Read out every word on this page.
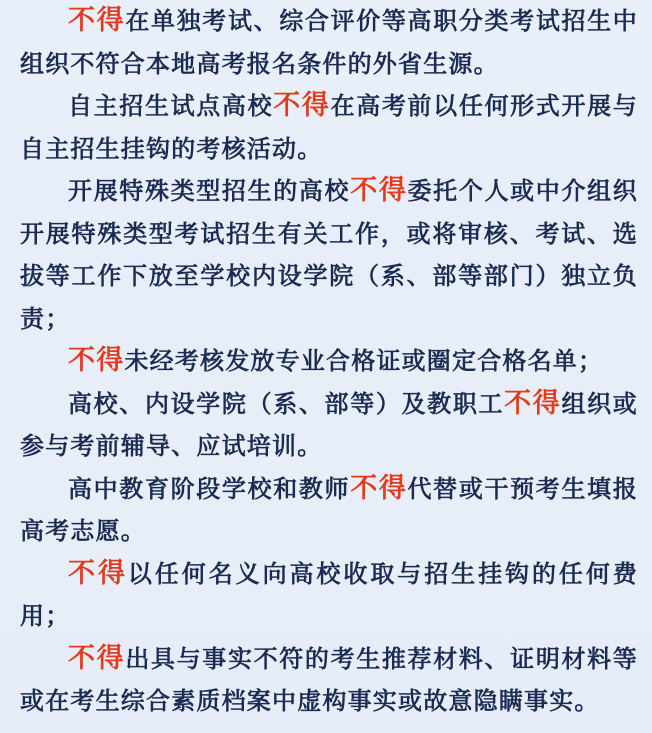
不得在单独考试、综合评价等高职分类考试招生中
组织不符合本地高考报名条件的外省生源。
自主招生试点高校不得在高考前以任何形式开展与
自主招生挂钩的考核活动。
开展特殊类型招生的高校不得委托个人或中介组织
开展特殊类型考试招生有关工作，或将审核、考试、选
拔等工作下放至学校内设学院（系、部等部门）独立负
责；
不得未经考核发放专业合格证或圈定合格名单；
高校、内设学院（系、部等）及教职工不得组织或
参与考前辅导、应试培训。
高中教育阶段学校和教师不得代替或干预考生填报
高考志愿。
不得以任何名义向高校收取与招生挂钩的任何费
用；
不得出具与事实不符的考生推荐材料、证明材料等
或在考生综合素质档案中虚构事实或故意隐瞒事实。
